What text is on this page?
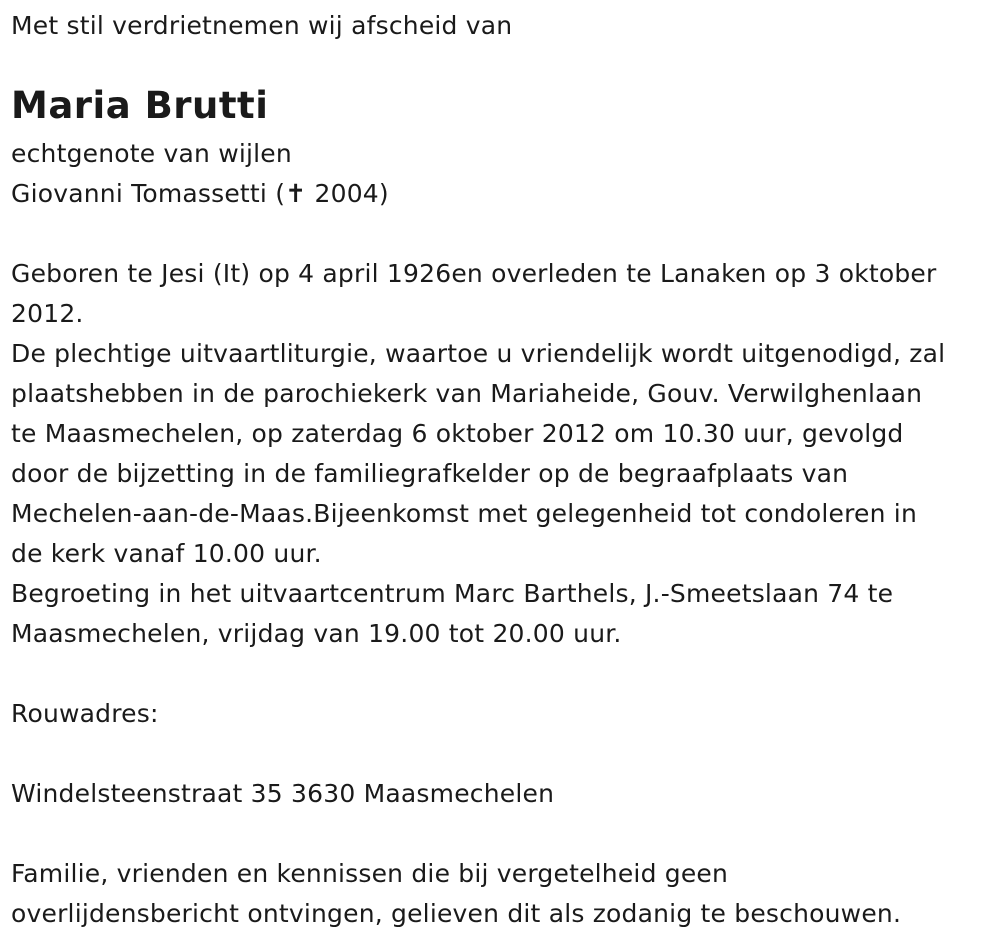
Met stil verdrietnemen wij afscheid van
Maria Brutti
echtgenote van wijlen
Giovanni Tomassetti (✝ 2004)
Geboren te Jesi (It) op 4 april 1926en overleden te Lanaken op 3 oktober
2012.
De plechtige uitvaartliturgie, waartoe u vriendelijk wordt uitgenodigd, zal
plaatshebben in de parochiekerk van Mariaheide, Gouv. Verwilghenlaan
te Maasmechelen, op zaterdag 6 oktober 2012 om 10.30 uur, gevolgd
door de bijzetting in de familiegrafkelder op de begraafplaats van
Mechelen-aan-de-Maas.Bijeenkomst met gelegenheid tot condoleren in
de kerk vanaf 10.00 uur.
Begroeting in het uitvaartcentrum Marc Barthels, J.-Smeetslaan 74 te
Maasmechelen, vrijdag van 19.00 tot 20.00 uur.
Rouwadres:
Windelsteenstraat 35 3630 Maasmechelen
Familie, vrienden en kennissen die bij vergetelheid geen
overlijdensbericht ontvingen, gelieven dit als zodanig te beschouwen.
